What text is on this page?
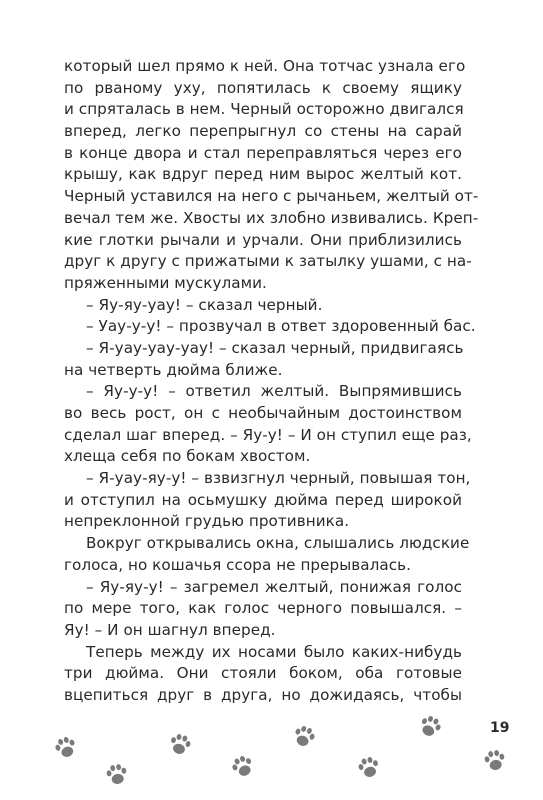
который шел прямо к ней. Она тотчас узнала его
по рваному уху, попятилась к своему ящику
и спряталась в нем. Черный осторожно двигался
вперед, легко перепрыгнул со стены на сарай
в конце двора и стал переправляться через его
крышу, как вдруг перед ним вырос желтый кот.
Черный уставился на него с рычаньем, желтый от-
вечал тем же. Хвосты их злобно извивались. Креп-
кие глотки рычали и урчали. Они приблизились
друг к другу с прижатыми к затылку ушами, с на-
пряженными мускулами.
– Яу-яу-уау! – сказал черный.
– Уау-у-у! – прозвучал в ответ здоровенный бас.
– Я-уау-уау-уау! – сказал черный, придвигаясь
на четверть дюйма ближе.
– Яу-у-у! – ответил желтый. Выпрямившись
во весь рост, он с необычайным достоинством
сделал шаг вперед. – Яу-у! – И он ступил еще раз,
хлеща себя по бокам хвостом.
– Я-уау-яу-у! – взвизгнул черный, повышая тон,
и отступил на осьмушку дюйма перед широкой
непреклонной грудью противника.
Вокруг открывались окна, слышались людские
голоса, но кошачья ссора не прерывалась.
– Яу-яу-у! – загремел желтый, понижая голос
по мере того, как голос черного повышался. –
Яу! – И он шагнул вперед.
Теперь между их носами было каких-нибудь
три дюйма. Они стояли боком, оба готовые
вцепиться друг в друга, но дожидаясь, чтобы
19
